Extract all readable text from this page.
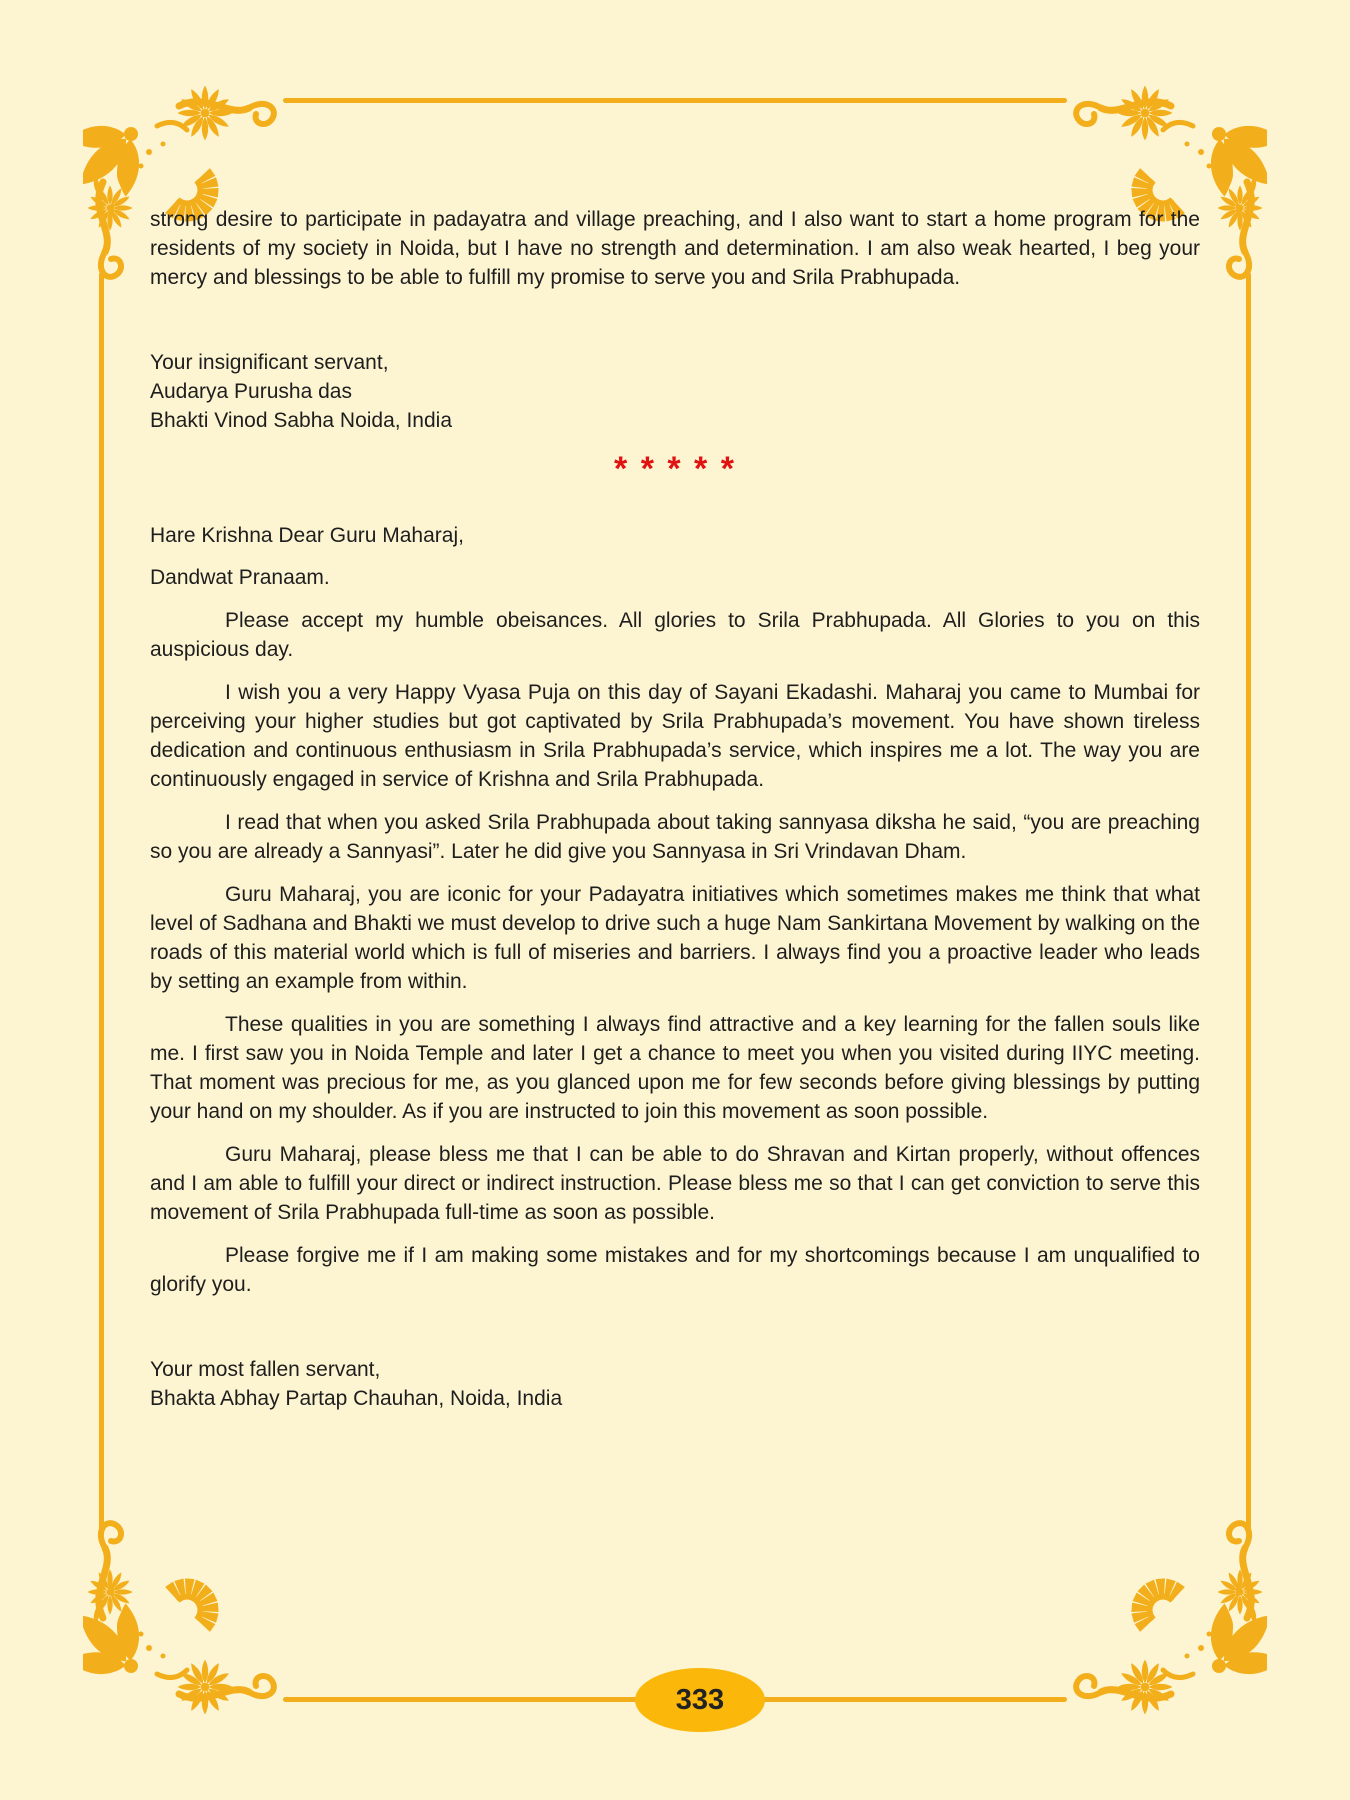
strong desire to participate in padayatra and village preaching, and I also want to start a home program for the residents of my society in Noida, but I have no strength and determination. I am also weak hearted, I beg your mercy and blessings to be able to fulfill my promise to serve you and Srila Prabhupada.

Your insignificant servant,

Audarya Purusha das

Bhakti Vinod Sabha Noida, India

* * * * *

Hare Krishna Dear Guru Maharaj,

Dandwat Pranaam.

Please accept my humble obeisances. All glories to Srila Prabhupada. All Glories to you on this auspicious day.

I wish you a very Happy Vyasa Puja on this day of Sayani Ekadashi. Maharaj you came to Mumbai for perceiving your higher studies but got captivated by Srila Prabhupada’s movement. You have shown tireless dedication and continuous enthusiasm in Srila Prabhupada’s service, which inspires me a lot. The way you are continuously engaged in service of Krishna and Srila Prabhupada.

I read that when you asked Srila Prabhupada about taking sannyasa diksha he said, “you are preaching so you are already a Sannyasi”. Later he did give you Sannyasa in Sri Vrindavan Dham.

Guru Maharaj, you are iconic for your Padayatra initiatives which sometimes makes me think that what level of Sadhana and Bhakti we must develop to drive such a huge Nam Sankirtana Movement by walking on the roads of this material world which is full of miseries and barriers. I always find you a proactive leader who leads by setting an example from within.

These qualities in you are something I always find attractive and a key learning for the fallen souls like me. I first saw you in Noida Temple and later I get a chance to meet you when you visited during IIYC meeting. That moment was precious for me, as you glanced upon me for few seconds before giving blessings by putting your hand on my shoulder. As if you are instructed to join this movement as soon possible.

Guru Maharaj, please bless me that I can be able to do Shravan and Kirtan properly, without offences and I am able to fulfill your direct or indirect instruction. Please bless me so that I can get conviction to serve this movement of Srila Prabhupada full-time as soon as possible.

Please forgive me if I am making some mistakes and for my shortcomings because I am unqualified to glorify you.

Your most fallen servant,

Bhakta Abhay Partap Chauhan, Noida, India

333
